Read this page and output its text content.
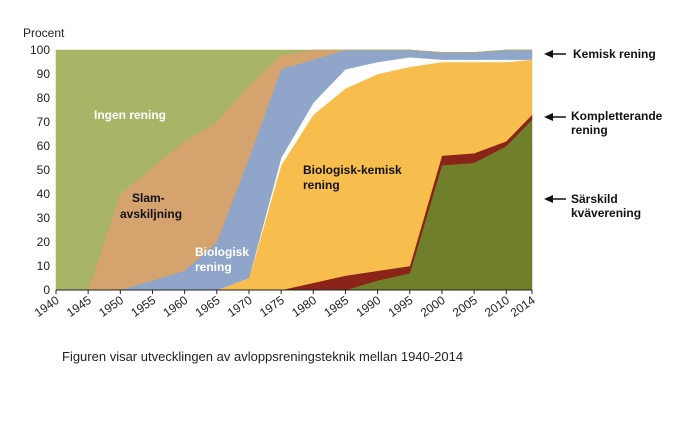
Procent
0
10
20
30
40
50
60
70
80
90
100
1940 1945 1950 1955 1960 1965 1970 1975 1980 1985 1990 1995 2000 2005 2010
2014
Ingen rening
Slam-
avskiljning
Biologisk
rening
Biologisk-kemisk
rening
Kemisk rening
Kompletterande
rening
Särskild
kväverening
Figuren visar utvecklingen av avloppsreningsteknik mellan 1940-2014
